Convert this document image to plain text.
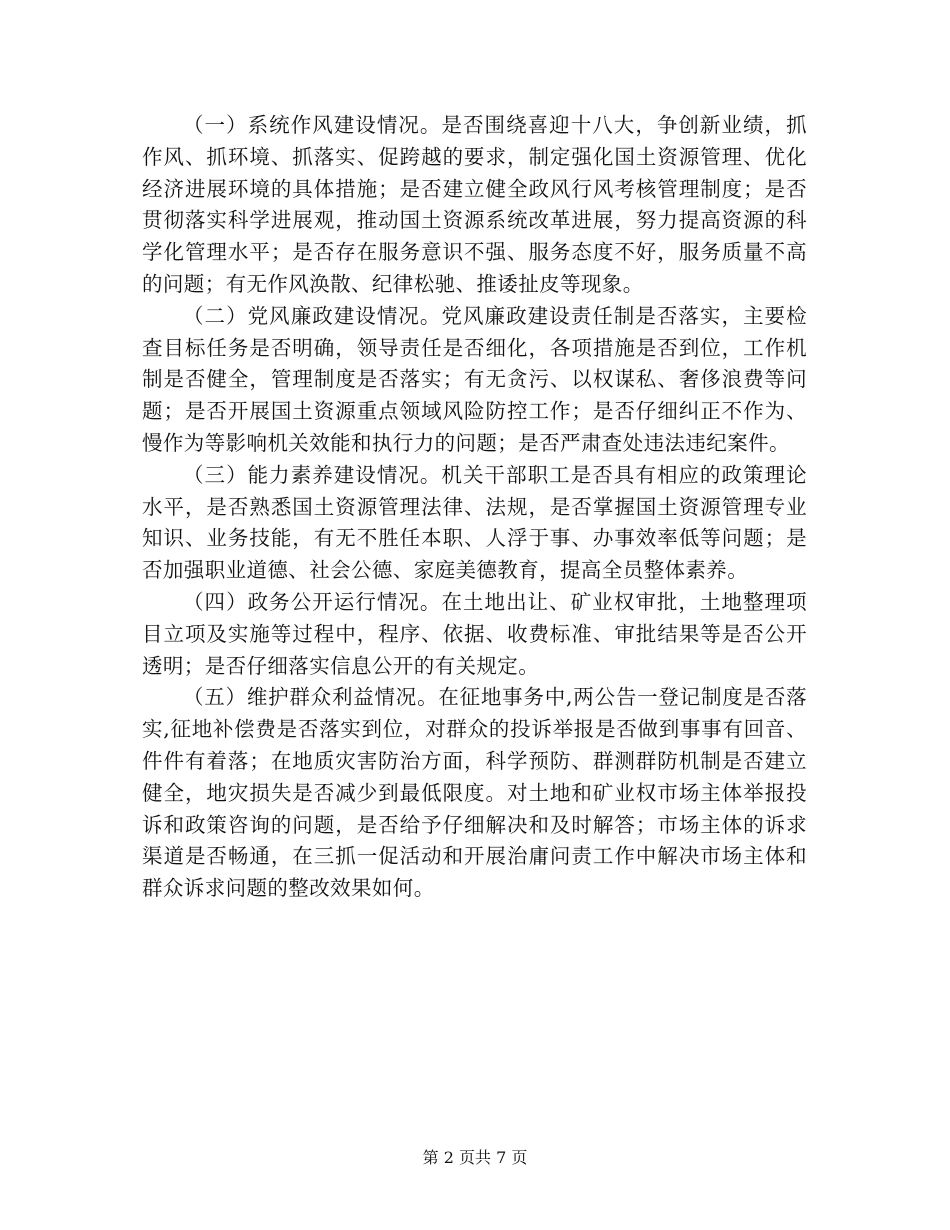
（一）系统作风建设情况。是否围绕喜迎十八大，争创新业绩，抓作风、抓环境、抓落实、促跨越的要求，制定强化国土资源管理、优化经济进展环境的具体措施；是否建立健全政风行风考核管理制度；是否贯彻落实科学进展观，推动国土资源系统改革进展，努力提高资源的科学化管理水平；是否存在服务意识不强、服务态度不好，服务质量不高的问题；有无作风涣散、纪律松驰、推诿扯皮等现象。

（二）党风廉政建设情况。党风廉政建设责任制是否落实，主要检查目标任务是否明确，领导责任是否细化，各项措施是否到位，工作机制是否健全，管理制度是否落实；有无贪污、以权谋私、奢侈浪费等问题；是否开展国土资源重点领域风险防控工作；是否仔细纠正不作为、慢作为等影响机关效能和执行力的问题；是否严肃查处违法违纪案件。

（三）能力素养建设情况。机关干部职工是否具有相应的政策理论水平，是否熟悉国土资源管理法律、法规，是否掌握国土资源管理专业知识、业务技能，有无不胜任本职、人浮于事、办事效率低等问题；是否加强职业道德、社会公德、家庭美德教育，提高全员整体素养。

（四）政务公开运行情况。在土地出让、矿业权审批，土地整理项目立项及实施等过程中，程序、依据、收费标准、审批结果等是否公开透明；是否仔细落实信息公开的有关规定。

（五）维护群众利益情况。在征地事务中,两公告一登记制度是否落实,征地补偿费是否落实到位，对群众的投诉举报是否做到事事有回音、件件有着落；在地质灾害防治方面，科学预防、群测群防机制是否建立健全，地灾损失是否减少到最低限度。对土地和矿业权市场主体举报投诉和政策咨询的问题，是否给予仔细解决和及时解答；市场主体的诉求渠道是否畅通，在三抓一促活动和开展治庸问责工作中解决市场主体和群众诉求问题的整改效果如何。

第 2 页共 7 页
